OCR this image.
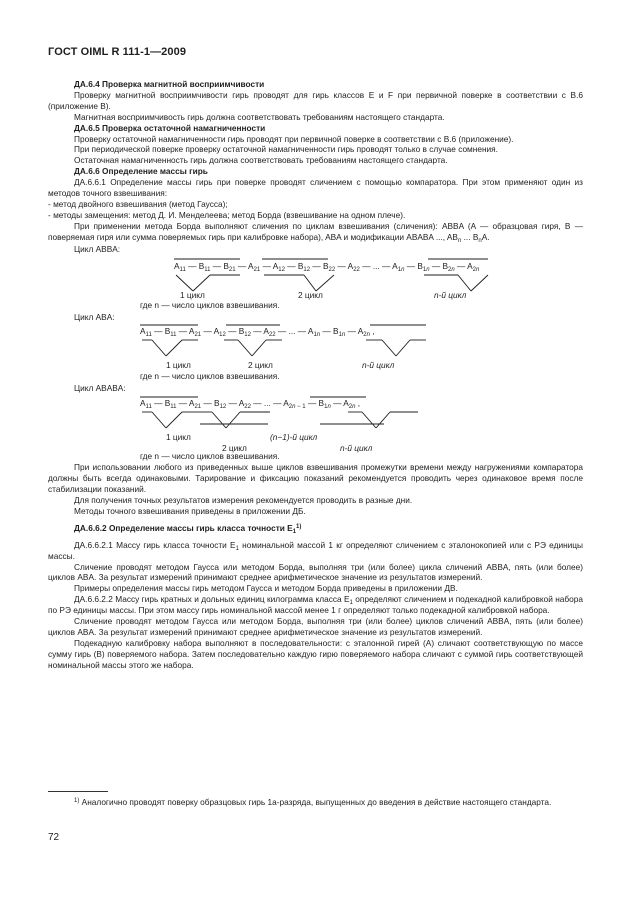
ГОСТ OIML R 111-1—2009

ДА.6.4 Проверка магнитной восприимчивости

Проверку магнитной восприимчивости гирь проводят для гирь классов E и F при первичной поверке в соответствии с В.6 (приложение В).

Магнитная восприимчивость гирь должна соответствовать требованиям настоящего стандарта.

ДА.6.5 Проверка остаточной намагниченности

Проверку остаточной намагниченности гирь проводят при первичной поверке в соответствии с В.6 (приложение).

При периодической поверке проверку остаточной намагниченности гирь проводят только в случае сомнения.

Остаточная намагниченность гирь должна соответствовать требованиям настоящего стандарта.

ДА.6.6 Определение массы гирь

ДА.6.6.1 Определение массы гирь при поверке проводят сличением с помощью компаратора. При этом применяют один из методов точного взвешивания:

- метод двойного взвешивания (метод Гаусса);

- методы замещения: метод Д. И. Менделеева; метод Борда (взвешивание на одном плече).

При применении метода Борда выполняют сличения по циклам взвешивания (сличения): ABBA (A — образцовая гиря, B — поверяемая гиря или сумма поверяемых гирь при калибровке набора), ABA и модификации ABABA ..., $AB_n$ ... $B_nA$.

Цикл ABBA:

$A_{11}$ — $B_{11}$ — $B_{21}$ — $A_{21}$ — $A_{12}$ — $B_{12}$ — $B_{22}$ — $A_{22}$ — ... — $A_{1n}$ — $B_{1n}$ — $B_{2n}$ — $A_{2n}$
1 цикл	2 цикл	n-й цикл
где n — число циклов взвешивания.

Цикл ABA:

$A_{11}$ — $B_{11}$ — $A_{21}$ — $A_{12}$ — $B_{12}$ — $A_{22}$ — ... — $A_{1n}$ — $B_{1n}$ — $A_{2n}$ ,
1 цикл	2 цикл	n-й цикл
где n — число циклов взвешивания.

Цикл ABABA:

$A_{11}$ — $B_{11}$ — $A_{21}$ — $B_{12}$ — $A_{22}$ — ... — $A_{2n - 1}$ — $B_{1n}$ — $A_{2n}$ ,
1 цикл
2 цикл
(n−1)-й цикл
n-й цикл
где n — число циклов взвешивания.

При использовании любого из приведенных выше циклов взвешивания промежутки времени между нагружениями компаратора должны быть всегда одинаковыми. Тарирование и фиксацию показаний рекомендуется проводить через одинаковое время после стабилизации показаний.

Для получения точных результатов измерения рекомендуется проводить в разные дни.

Методы точного взвешивания приведены в приложении ДБ.

ДА.6.6.2 Определение массы гирь класса точности $E_1^{1)}$

ДА.6.6.2.1 Массу гирь класса точности $E_1$ номинальной массой 1 кг определяют сличением с эталонокопией или с РЭ единицы массы.

Сличение проводят методом Гаусса или методом Борда, выполняя три (или более) цикла сличений ABBA, пять (или более) циклов ABA. За результат измерений принимают среднее арифметическое значение из результатов измерений.

Примеры определения массы гирь методом Гаусса и методом Борда приведены в приложении ДВ.

ДА.6.6.2.2 Массу гирь кратных и дольных единиц килограмма класса $E_1$ определяют сличением и подекадной калибровкой набора по РЭ единицы массы. При этом массу гирь номинальной массой менее 1 г определяют только подекадной калибровкой набора.

Сличение проводят методом Гаусса или методом Борда, выполняя три (или более) циклов сличений ABBA, пять (или более) циклов ABA. За результат измерений принимают среднее арифметическое значение из результатов измерений.

Подекадную калибровку набора выполняют в последовательности: с эталонной гирей (A) сличают соответствующую по массе сумму гирь (B) поверяемого набора. Затем последовательно каждую гирю поверяемого набора сличают с суммой гирь соответствующей номинальной массы этого же набора.

$^{1)}$ Аналогично проводят поверку образцовых гирь 1а-разряда, выпущенных до введения в действие настоящего стандарта.

72
